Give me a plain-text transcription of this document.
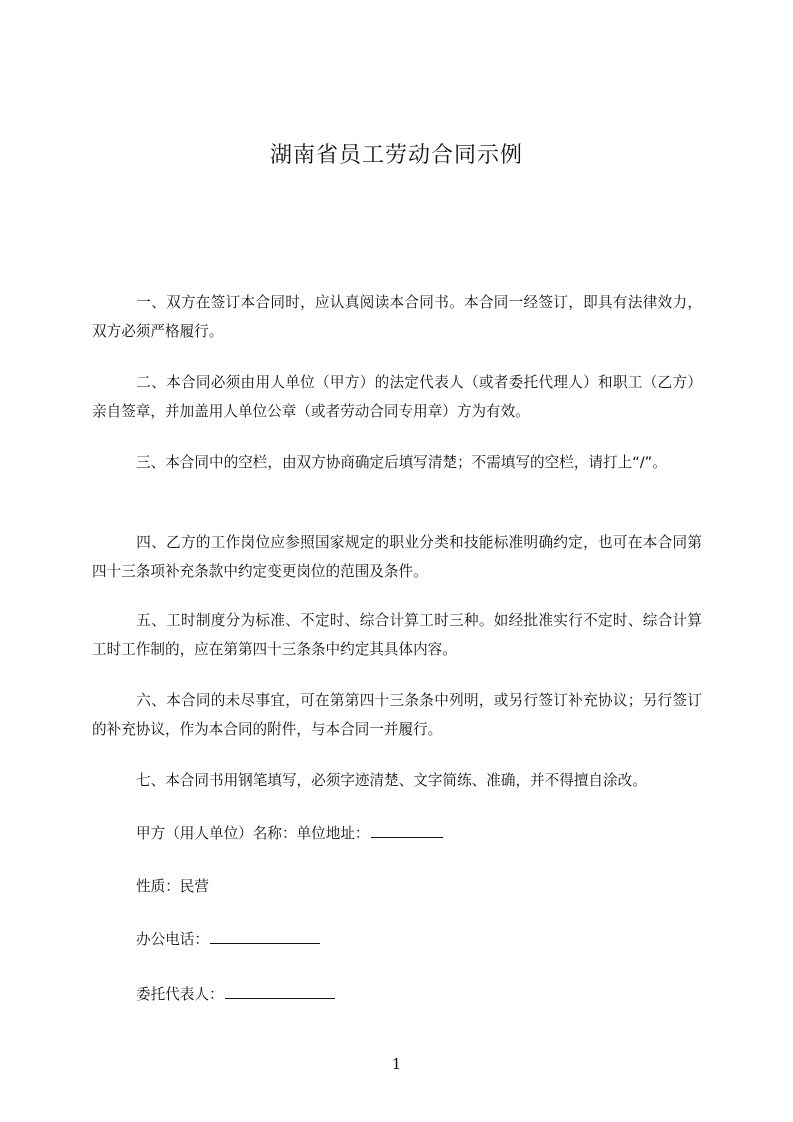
湖南省员工劳动合同示例
一、双方在签订本合同时，应认真阅读本合同书。本合同一经签订，即具有法律效力，双方必须严格履行。
二、本合同必须由用人单位（甲方）的法定代表人（或者委托代理人）和职工（乙方）亲自签章，并加盖用人单位公章（或者劳动合同专用章）方为有效。
三、本合同中的空栏，由双方协商确定后填写清楚；不需填写的空栏，请打上“/”。
四、乙方的工作岗位应参照国家规定的职业分类和技能标准明确约定，也可在本合同第四十三条项补充条款中约定变更岗位的范围及条件。
五、工时制度分为标准、不定时、综合计算工时三种。如经批准实行不定时、综合计算工时工作制的，应在第第四十三条条中约定其具体内容。
六、本合同的未尽事宜，可在第第四十三条条中列明，或另行签订补充协议；另行签订的补充协议，作为本合同的附件，与本合同一并履行。
七、本合同书用钢笔填写，必须字迹清楚、文字简练、准确，并不得擅自涂改。
甲方（用人单位）名称：单位地址：
性质：民营
办公电话：
委托代表人：
1
